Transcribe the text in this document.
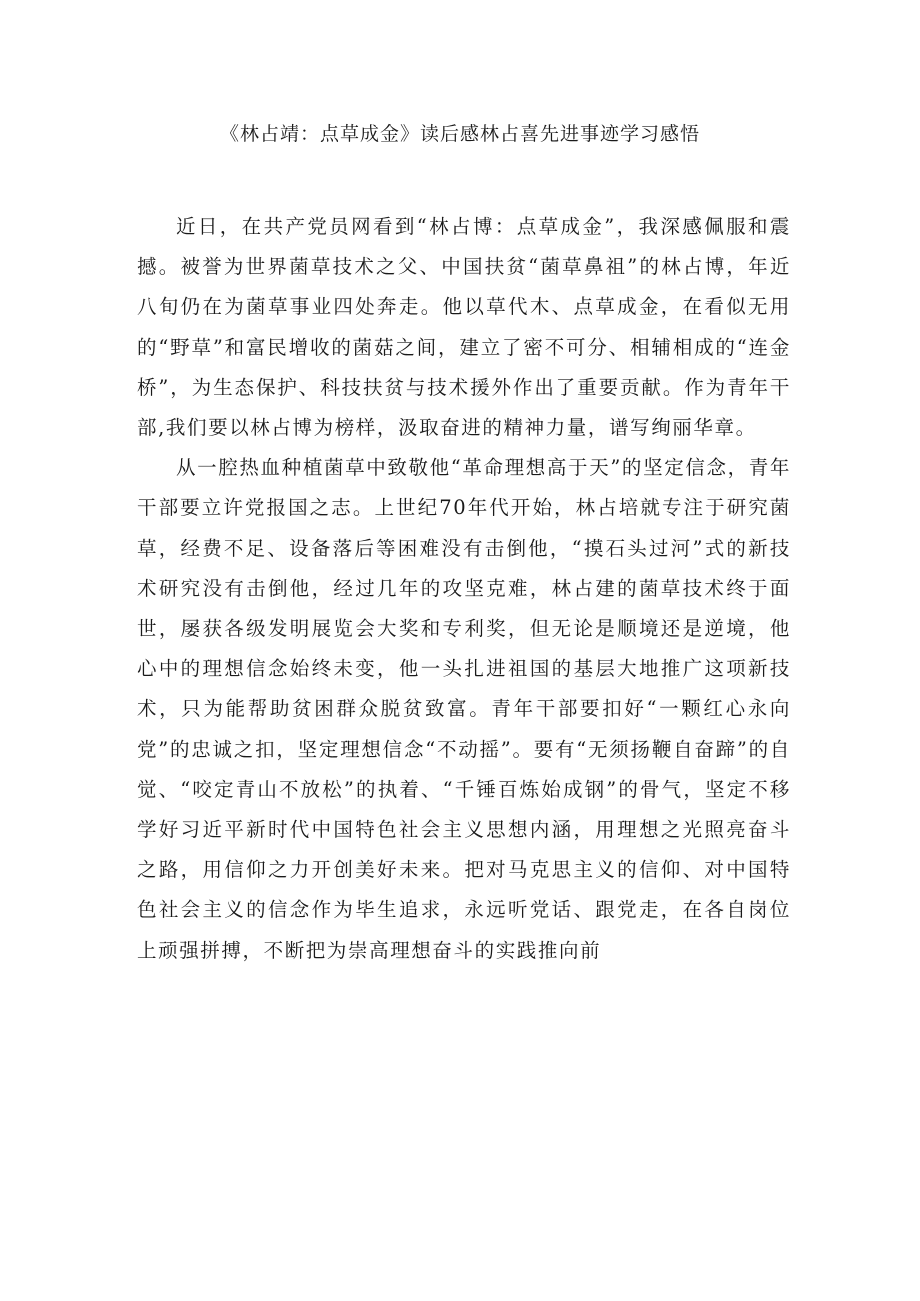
《林占靖：点草成金》读后感林占喜先进事迹学习感悟

近日，在共产党员网看到“林占博：点草成金”，我深感佩服和震撼。被誉为世界菌草技术之父、中国扶贫“菌草鼻祖”的林占博，年近八旬仍在为菌草事业四处奔走。他以草代木、点草成金，在看似无用的“野草”和富民增收的菌菇之间，建立了密不可分、相辅相成的“连金桥”，为生态保护、科技扶贫与技术援外作出了重要贡献。作为青年干部,我们要以林占博为榜样，汲取奋进的精神力量，谱写绚丽华章。

从一腔热血种植菌草中致敬他“革命理想高于天”的坚定信念，青年干部要立许党报国之志。上世纪70年代开始，林占培就专注于研究菌草，经费不足、设备落后等困难没有击倒他，“摸石头过河”式的新技术研究没有击倒他，经过几年的攻坚克难，林占建的菌草技术终于面世，屡获各级发明展览会大奖和专利奖，但无论是顺境还是逆境，他心中的理想信念始终未变，他一头扎进祖国的基层大地推广这项新技术，只为能帮助贫困群众脱贫致富。青年干部要扣好“一颗红心永向党”的忠诚之扣，坚定理想信念“不动摇”。要有“无须扬鞭自奋蹄”的自觉、“咬定青山不放松”的执着、“千锤百炼始成钢”的骨气，坚定不移学好习近平新时代中国特色社会主义思想内涵，用理想之光照亮奋斗之路，用信仰之力开创美好未来。把对马克思主义的信仰、对中国特色社会主义的信念作为毕生追求，永远听党话、跟党走，在各自岗位上顽强拼搏，不断把为崇高理想奋斗的实践推向前
